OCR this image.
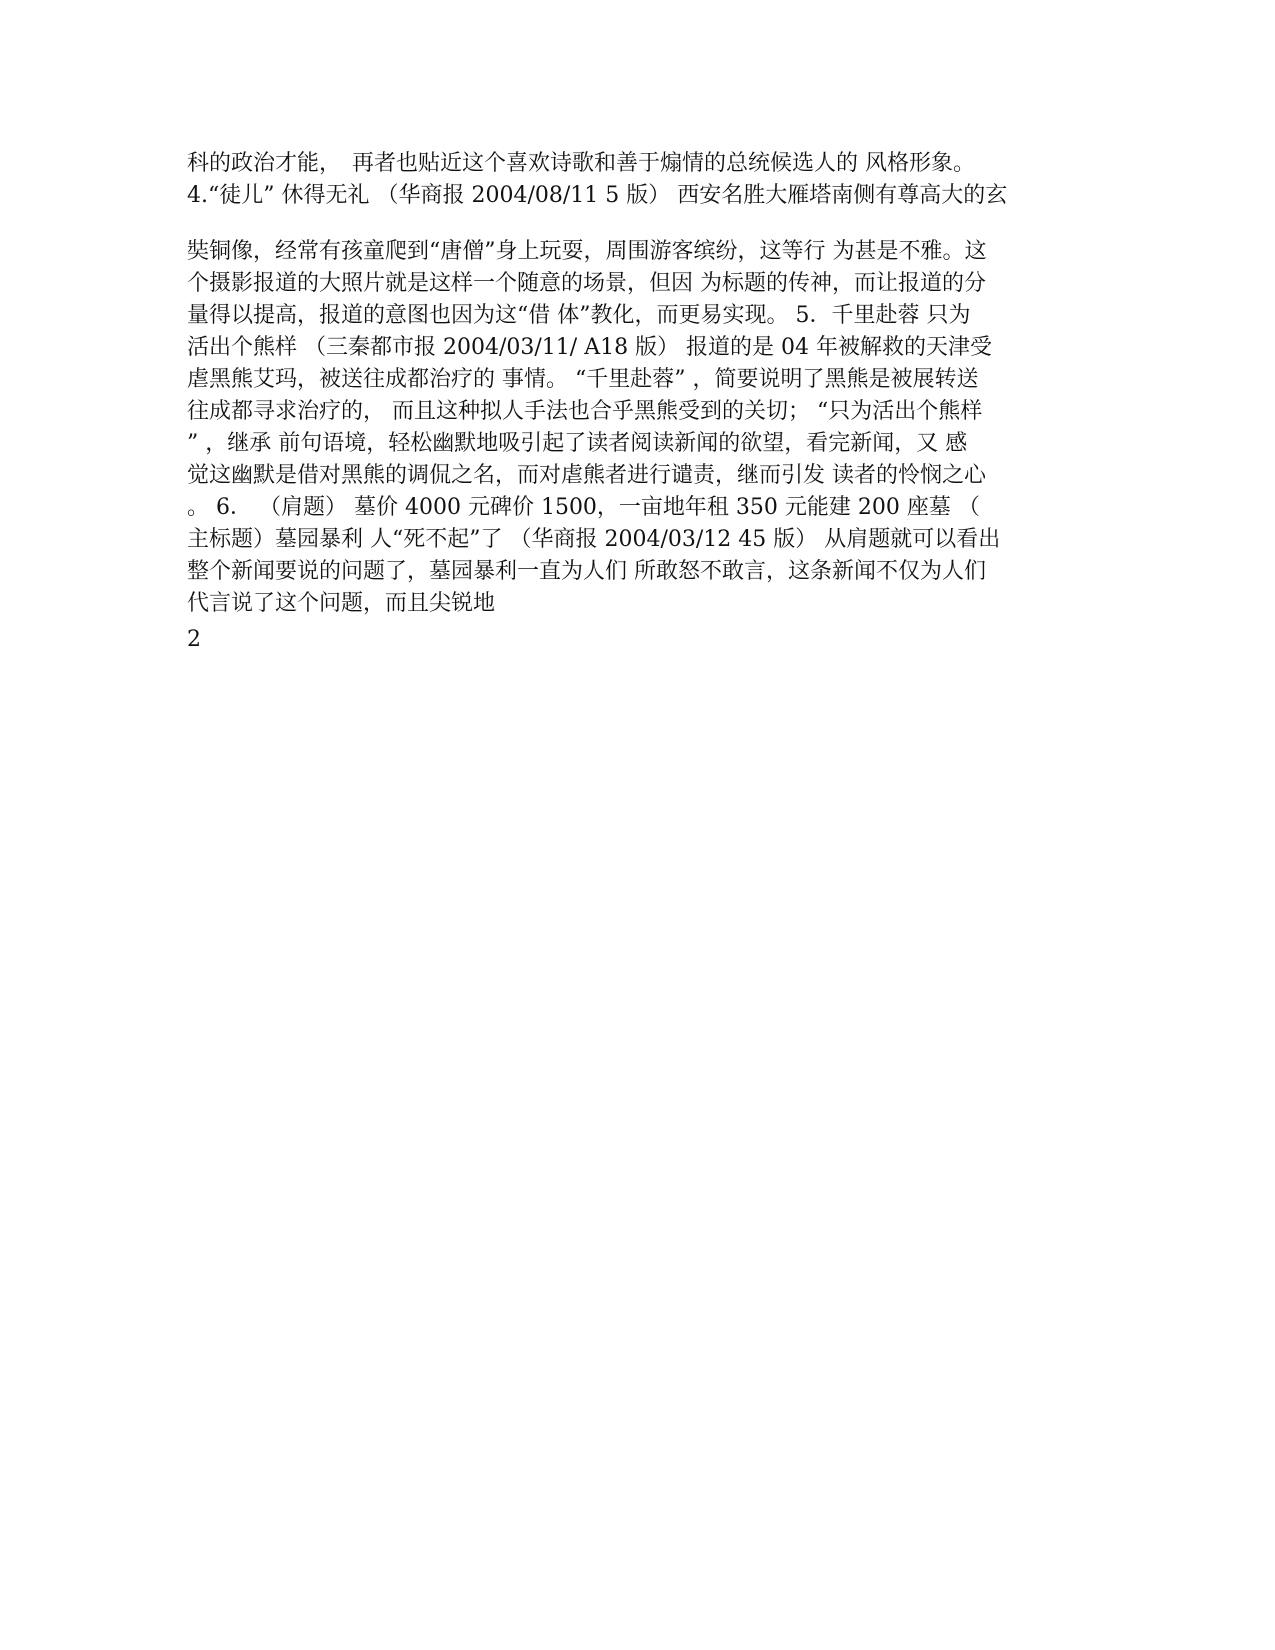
科的政治才能，　再者也贴近这个喜欢诗歌和善于煽情的总统候选人的 风格形象。
4.“徒儿” 休得无礼 （华商报 2004/08/11 5 版） 西安名胜大雁塔南侧有尊高大的玄
奘铜像，经常有孩童爬到“唐僧”身上玩耍，周围游客缤纷，这等行 为甚是不雅。这
个摄影报道的大照片就是这样一个随意的场景，但因 为标题的传神，而让报道的分
量得以提高，报道的意图也因为这“借 体”教化，而更易实现。 5．千里赴蓉 只为
活出个熊样 （三秦都市报 2004/03/11/ A18 版） 报道的是 04 年被解救的天津受
虐黑熊艾玛，被送往成都治疗的 事情。 “千里赴蓉” ，简要说明了黑熊是被展转送
往成都寻求治疗的， 而且这种拟人手法也合乎黑熊受到的关切； “只为活出个熊样
” ，继承 前句语境，轻松幽默地吸引起了读者阅读新闻的欲望，看完新闻，又 感
觉这幽默是借对黑熊的调侃之名，而对虐熊者进行谴责，继而引发 读者的怜悯之心
。 6． （肩题） 墓价 4000 元碑价 1500，一亩地年租 350 元能建 200 座墓 （
主标题）墓园暴利 人“死不起”了 （华商报 2004/03/12 45 版） 从肩题就可以看出
整个新闻要说的问题了，墓园暴利一直为人们 所敢怒不敢言，这条新闻不仅为人们
代言说了这个问题，而且尖锐地
2
